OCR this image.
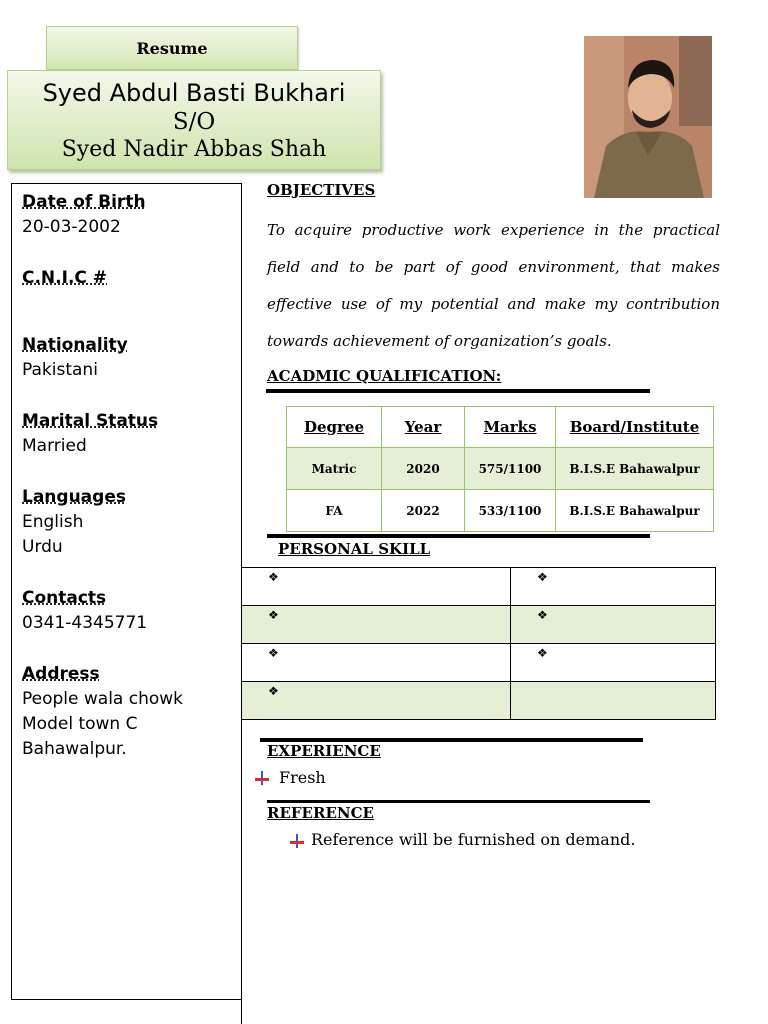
Resume
Syed Abdul Basti Bukhari
S/O
Syed Nadir Abbas Shah
Date of Birth
20-03-2002
C.N.I.C #
Nationality
Pakistani
Marital Status
Married
Languages
English
Urdu
Contacts
0341-4345771
Address
People wala chowk
Model town C
Bahawalpur.
OBJECTIVES
To acquire productive work experience in the practical field and to be part of good environment, that makes effective use of my potential and make my contribution towards achievement of organization’s goals.
ACADMIC QUALIFICATION:
Degree	Year	Marks	Board/Institute
Matric	2020	575/1100	B.I.S.E Bahawalpur
FA	2022	533/1100	B.I.S.E Bahawalpur
PERSONAL SKILL
❖	❖
❖	❖
❖	❖
❖	
EXPERIENCE
Fresh
REFERENCE
Reference will be furnished on demand.
